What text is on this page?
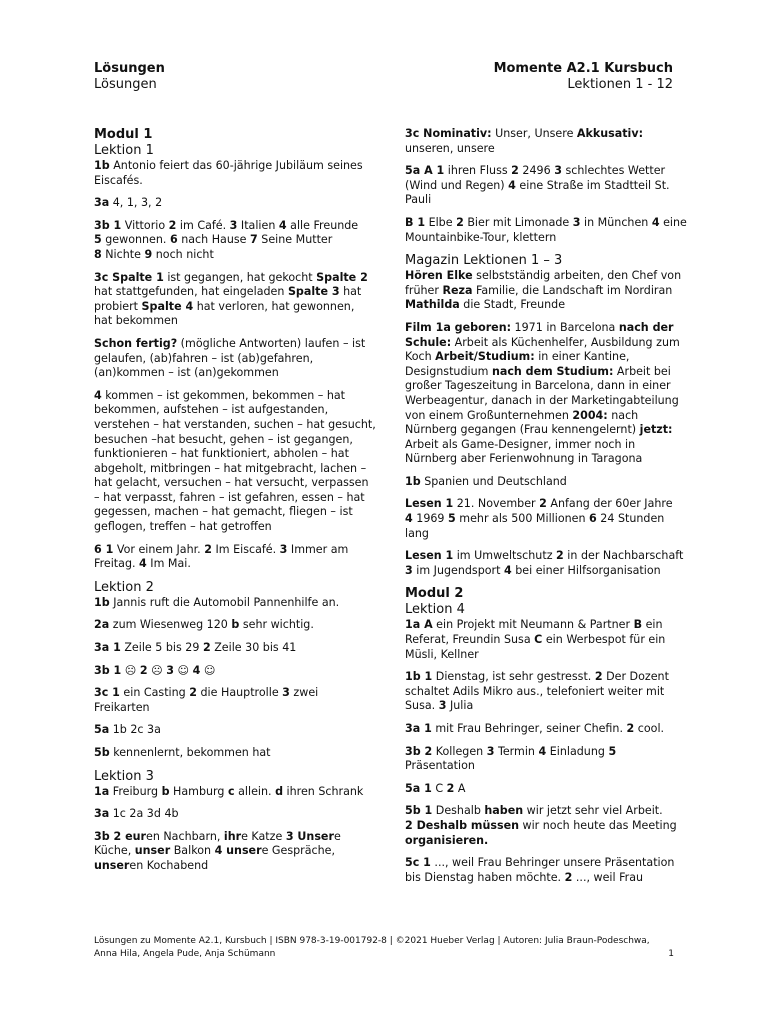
Lösungen
Lösungen
Momente A2.1 Kursbuch
Lektionen 1 - 12
Modul 1
Lektion 1

1b Antonio feiert das 60-jährige Jubiläum seines Eiscafés.

3a 4, 1, 3, 2

3b 1 Vittorio 2 im Café. 3 Italien 4 alle Freunde
5 gewonnen. 6 nach Hause 7 Seine Mutter
8 Nichte 9 noch nicht

3c Spalte 1 ist gegangen, hat gekocht Spalte 2 hat stattgefunden, hat eingeladen Spalte 3 hat probiert Spalte 4 hat verloren, hat gewonnen, hat bekommen

Schon fertig? (mögliche Antworten) laufen – ist gelaufen, (ab)fahren – ist (ab)gefahren, (an)kommen – ist (an)gekommen

4 kommen – ist gekommen, bekommen – hat bekommen, aufstehen – ist aufgestanden, verstehen – hat verstanden, suchen – hat gesucht, besuchen –hat besucht, gehen – ist gegangen, funktionieren – hat funktioniert, abholen – hat abgeholt, mitbringen – hat mitgebracht, lachen – hat gelacht, versuchen – hat versucht, verpassen – hat verpasst, fahren – ist gefahren, essen – hat gegessen, machen – hat gemacht, fliegen – ist geflogen, treffen – hat getroffen

6 1 Vor einem Jahr. 2 Im Eiscafé. 3 Immer am Freitag. 4 Im Mai.

Lektion 2

1b Jannis ruft die Automobil Pannenhilfe an.

2a zum Wiesenweg 120 b sehr wichtig.

3a 1 Zeile 5 bis 29 2 Zeile 30 bis 41

3b 1 ☹ 2 ☹ 3 ☺ 4 ☺

3c 1 ein Casting 2 die Hauptrolle 3 zwei Freikarten

5a 1b 2c 3a

5b kennenlernt, bekommen hat

Lektion 3

1a Freiburg b Hamburg c allein. d ihren Schrank

3a 1c 2a 3d 4b

3b 2 euren Nachbarn, ihre Katze 3 Unsere Küche, unser Balkon 4 unsere Gespräche, unseren Kochabend

3c Nominativ: Unser, Unsere Akkusativ: unseren, unsere

5a A 1 ihren Fluss 2 2496 3 schlechtes Wetter (Wind und Regen) 4 eine Straße im Stadtteil St. Pauli

B 1 Elbe 2 Bier mit Limonade 3 in München 4 eine Mountainbike-Tour, klettern

Magazin Lektionen 1 – 3

Hören Elke selbstständig arbeiten, den Chef von früher Reza Familie, die Landschaft im Nordiran Mathilda die Stadt, Freunde

Film 1a geboren: 1971 in Barcelona nach der Schule: Arbeit als Küchenhelfer, Ausbildung zum Koch Arbeit/Studium: in einer Kantine, Designstudium nach dem Studium: Arbeit bei großer Tageszeitung in Barcelona, dann in einer Werbeagentur, danach in der Marketingabteilung von einem Großunternehmen 2004: nach Nürnberg gegangen (Frau kennengelernt) jetzt: Arbeit als Game-Designer, immer noch in Nürnberg aber Ferienwohnung in Taragona

1b Spanien und Deutschland

Lesen 1 21. November 2 Anfang der 60er Jahre
4 1969 5 mehr als 500 Millionen 6 24 Stunden lang

Lesen 1 im Umweltschutz 2 in der Nachbarschaft
3 im Jugendsport 4 bei einer Hilfsorganisation

Modul 2
Lektion 4

1a A ein Projekt mit Neumann & Partner B ein Referat, Freundin Susa C ein Werbespot für ein Müsli, Kellner

1b 1 Dienstag, ist sehr gestresst. 2 Der Dozent schaltet Adils Mikro aus., telefoniert weiter mit Susa. 3 Julia

3a 1 mit Frau Behringer, seiner Chefin. 2 cool.

3b 2 Kollegen 3 Termin 4 Einladung 5 Präsentation

5a 1 C 2 A

5b 1 Deshalb haben wir jetzt sehr viel Arbeit.
2 Deshalb müssen wir noch heute das Meeting organisieren.

5c 1 ..., weil Frau Behringer unsere Präsentation bis Dienstag haben möchte. 2 ..., weil Frau

Lösungen zu Momente A2.1, Kursbuch | ISBN 978-3-19-001792-8 | ©2021 Hueber Verlag | Autoren: Julia Braun-Podeschwa, Anna Hila, Angela Pude, Anja Schümann	1
